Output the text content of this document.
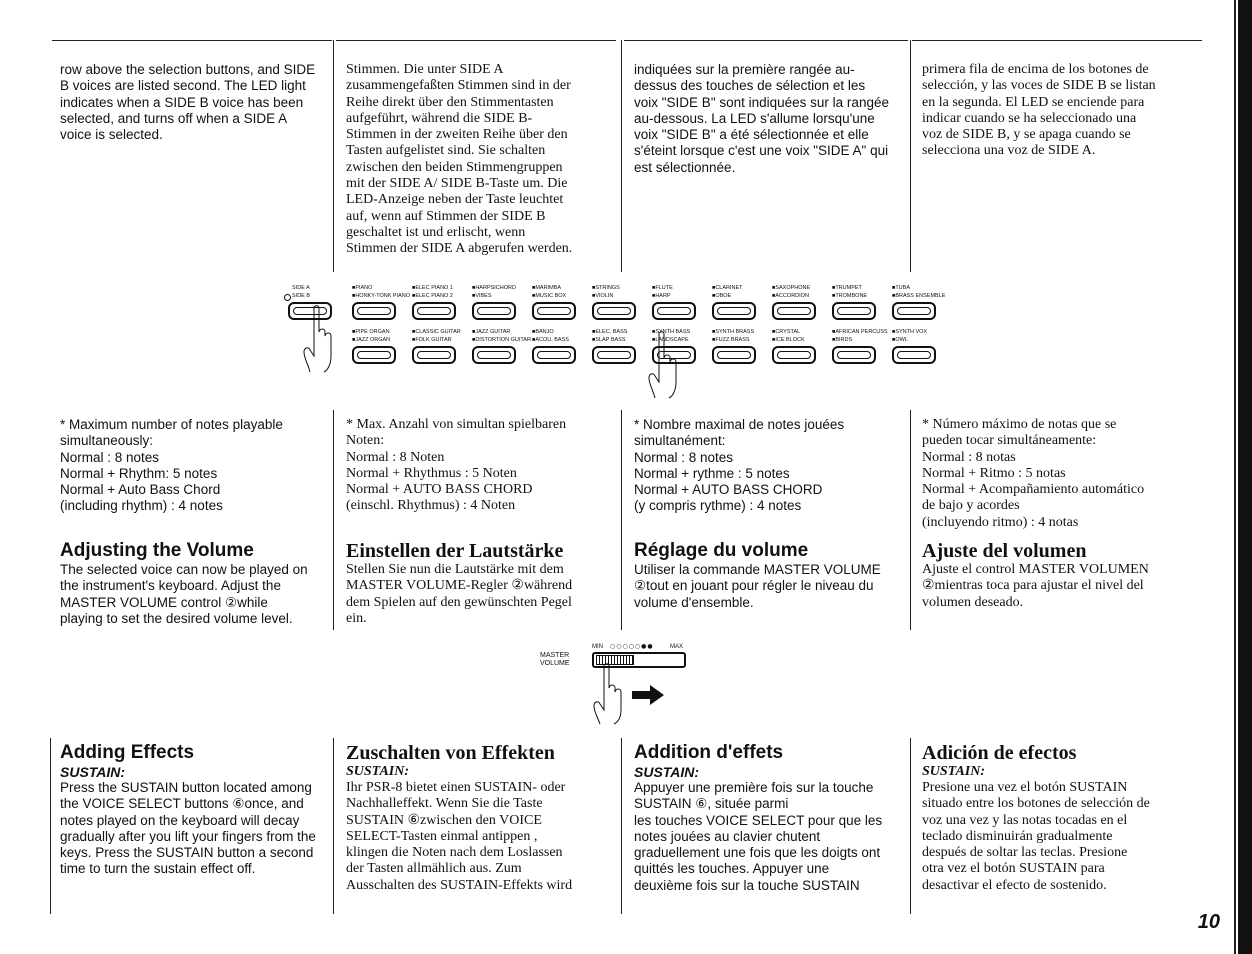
row above the selection buttons, and SIDE
B voices are listed second. The LED light
indicates when a SIDE B voice has been
selected, and turns off when a SIDE A
voice is selected.

Stimmen. Die unter SIDE A
zusammengefaßten Stimmen sind in der
Reihe direkt über den Stimmentasten
aufgeführt, während die SIDE B-
Stimmen in der zweiten Reihe über den
Tasten aufgelistet sind. Sie schalten
zwischen den beiden Stimmengruppen
mit der SIDE A/ SIDE B-Taste um. Die
LED-Anzeige neben der Taste leuchtet
auf, wenn auf Stimmen der SIDE B
geschaltet ist und erlischt, wenn
Stimmen der SIDE A abgerufen werden.

indiquées sur la première rangée au-
dessus des touches de sélection et les
voix "SIDE B" sont indiquées sur la rangée
au-dessous. La LED s'allume lorsqu'une
voix "SIDE B" a été sélectionnée et elle
s'éteint lorsque c'est une voix "SIDE A" qui
est sélectionnée.

primera fila de encima de los botones de
selección, y las voces de SIDE B se listan
en la segunda. El LED se enciende para
indicar cuando se ha seleccionado una
voz de SIDE B, y se apaga cuando se
selecciona una voz de SIDE A.

SIDE A
SIDE B
■PIANO
■HONKY-TONK PIANO
■ELEC PIANO 1
■ELEC PIANO 2
■HARPSICHORD
■VIBES
■MARIMBA
■MUSIC BOX
■STRINGS
■VIOLIN
■FLUTE
■HARP
■CLARINET
■OBOE
■SAXOPHONE
■ACCORDION
■TRUMPET
■TROMBONE
■TUBA
■BRASS ENSEMBLE
■PIPE ORGAN
■JAZZ ORGAN
■CLASSIC GUITAR
■FOLK GUITAR
■JAZZ GUITAR
■DISTORTION GUITAR
■BANJO
■ACOU. BASS
■ELEC. BASS
■SLAP BASS
■SYNTH BASS
■LANDSCAPE
■SYNTH BRASS
■FUZZ BRASS
■CRYSTAL
■ICE BLOCK
■AFRICAN PERCUSS
■BIRDS
■SYNTH VOX
■OWL

* Maximum number of notes playable
simultaneously:
Normal : 8 notes
Normal + Rhythm: 5 notes
Normal + Auto Bass Chord
(including rhythm) : 4 notes

* Max. Anzahl von simultan spielbaren
Noten:
Normal : 8 Noten
Normal + Rhythmus : 5 Noten
Normal + AUTO BASS CHORD
(einschl. Rhythmus) : 4 Noten

* Nombre maximal de notes jouées
simultanément:
Normal : 8 notes
Normal + rythme : 5 notes
Normal + AUTO BASS CHORD
(y compris rythme) : 4 notes

* Número máximo de notas que se
pueden tocar simultáneamente:
Normal : 8 notas
Normal + Ritmo : 5 notas
Normal + Acompañamiento automático
de bajo y acordes
(incluyendo ritmo) : 4 notas

Adjusting the Volume

The selected voice can now be played on
the instrument's keyboard. Adjust the
MASTER VOLUME control ②while
playing to set the desired volume level.

Einstellen der Lautstärke

Stellen Sie nun die Lautstärke mit dem
MASTER VOLUME-Regler ②während
dem Spielen auf den gewünschten Pegel
ein.

Réglage du volume

Utiliser la commande MASTER VOLUME
②tout en jouant pour régler le niveau du
volume d'ensemble.

Ajuste del volumen

Ajuste el control MASTER VOLUMEN
②mientras toca para ajustar el nivel del
volumen deseado.

MASTER
VOLUME
MIN ○○○○○●●	MAX
Adding Effects

SUSTAIN:

Press the SUSTAIN button located among
the VOICE SELECT buttons ⑥once, and
notes played on the keyboard will decay
gradually after you lift your fingers from the
keys. Press the SUSTAIN button a second
time to turn the sustain effect off.

Zuschalten von Effekten

SUSTAIN:

Ihr PSR-8 bietet einen SUSTAIN- oder
Nachhalleffekt. Wenn Sie die Taste
SUSTAIN ⑥zwischen den VOICE
SELECT-Tasten einmal antippen ,
klingen die Noten nach dem Loslassen
der Tasten allmählich aus. Zum
Ausschalten des SUSTAIN-Effekts wird

Addition d'effets

SUSTAIN:

Appuyer une première fois sur la touche
SUSTAIN ⑥, située parmi
les touches VOICE SELECT pour que les
notes jouées au clavier chutent
graduellement une fois que les doigts ont
quittés les touches. Appuyer une
deuxième fois sur la touche SUSTAIN

Adición de efectos

SUSTAIN:

Presione una vez el botón SUSTAIN
situado entre los botones de selección de
voz una vez y las notas tocadas en el
teclado disminuirán gradualmente
después de soltar las teclas. Presione
otra vez el botón SUSTAIN para
desactivar el efecto de sostenido.

10
